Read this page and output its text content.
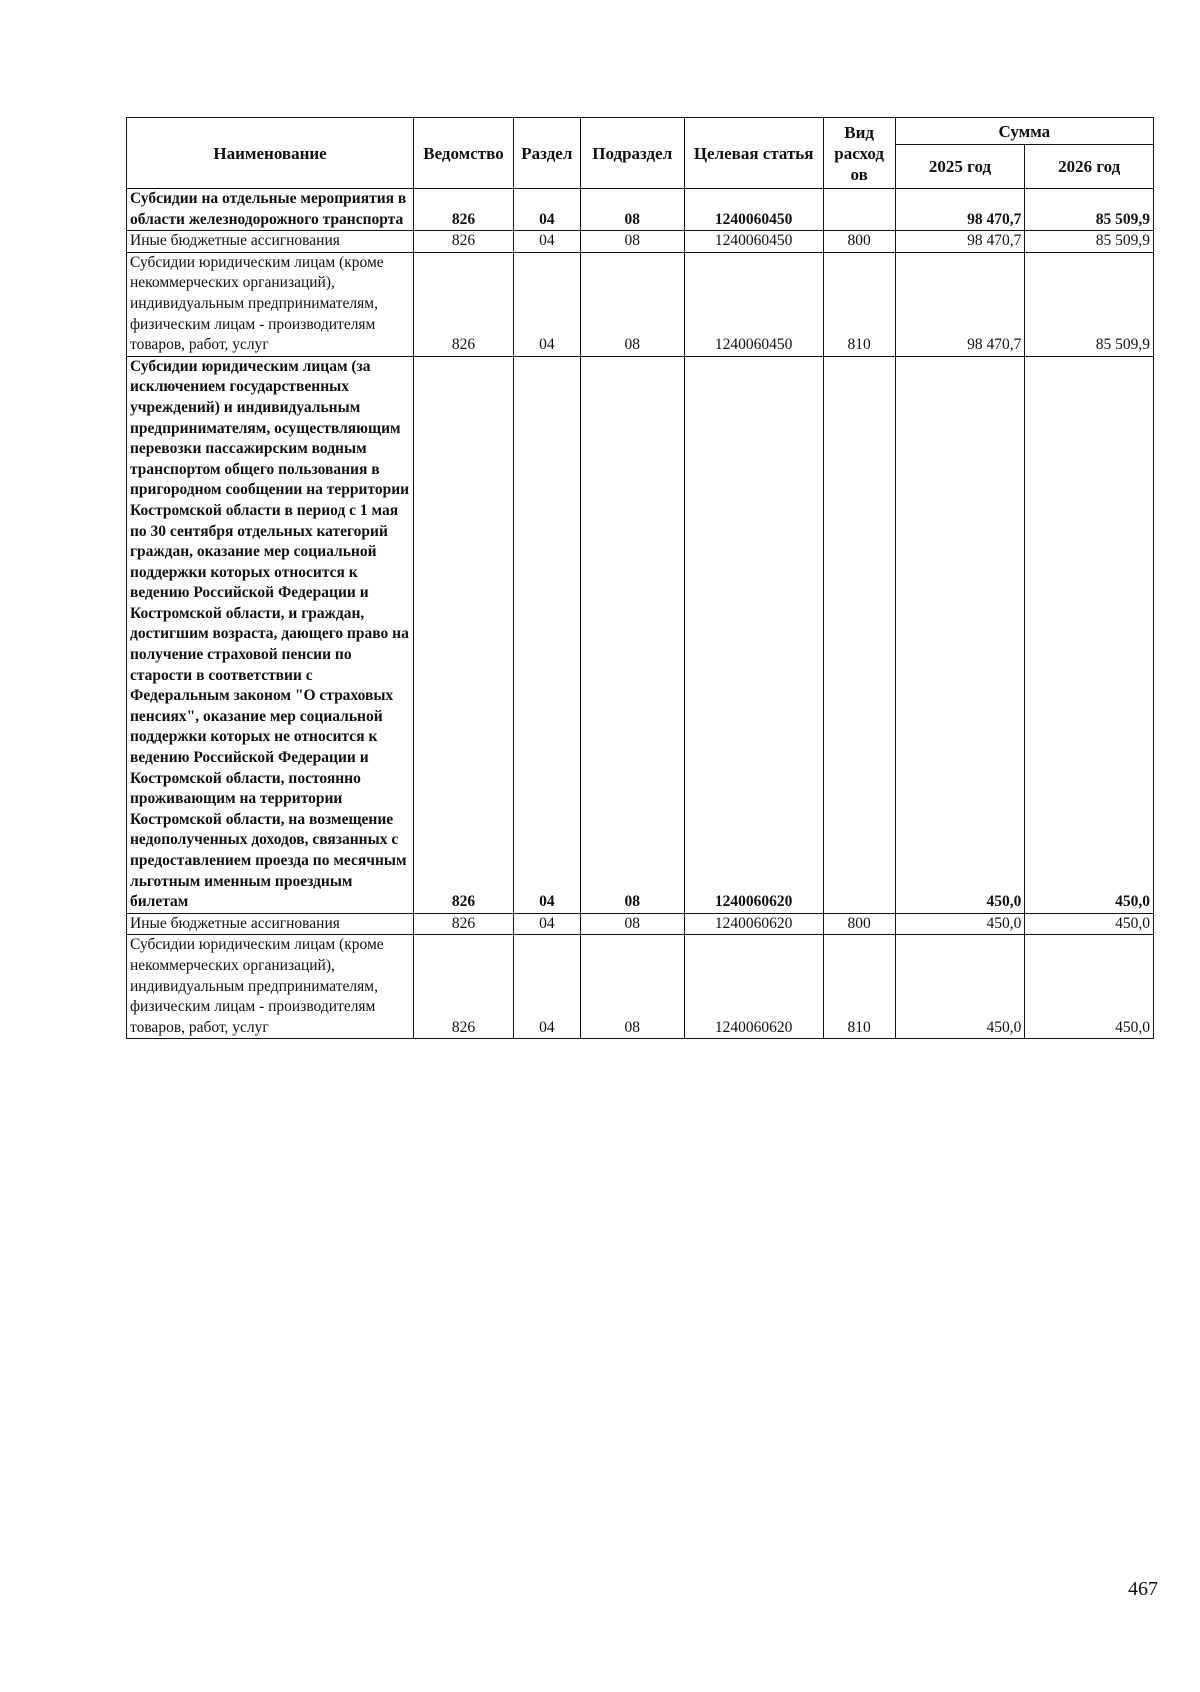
Наименование	Ведомство	Раздел	Подраздел	Целевая статья	Вид расход ов	Сумма	
						2025 год	2026 год
Субсидии на отдельные мероприятия в области железнодорожного транспорта	826	04	08	1240060450		98 470,7	85 509,9
Иные бюджетные ассигнования	826	04	08	1240060450	800	98 470,7	85 509,9
Субсидии юридическим лицам (кроме некоммерческих организаций), индивидуальным предпринимателям, физическим лицам - производителям товаров, работ, услуг	826	04	08	1240060450	810	98 470,7	85 509,9
Субсидии юридическим лицам (за исключением государственных учреждений) и индивидуальным предпринимателям, осуществляющим перевозки пассажирским водным транспортом общего пользования в пригородном сообщении на территории Костромской области в период с 1 мая по 30 сентября отдельных категорий граждан, оказание мер социальной поддержки которых относится к ведению Российской Федерации и Костромской области, и граждан, достигшим возраста, дающего право на получение страховой пенсии по старости в соответствии с Федеральным законом "О страховых пенсиях", оказание мер социальной поддержки которых не относится к ведению Российской Федерации и Костромской области, постоянно проживающим на территории Костромской области, на возмещение недополученных доходов, связанных с предоставлением проезда по месячным льготным именным проездным билетам	826	04	08	1240060620		450,0	450,0
Иные бюджетные ассигнования	826	04	08	1240060620	800	450,0	450,0
Субсидии юридическим лицам (кроме некоммерческих организаций), индивидуальным предпринимателям, физическим лицам - производителям товаров, работ, услуг	826	04	08	1240060620	810	450,0	450,0
467
